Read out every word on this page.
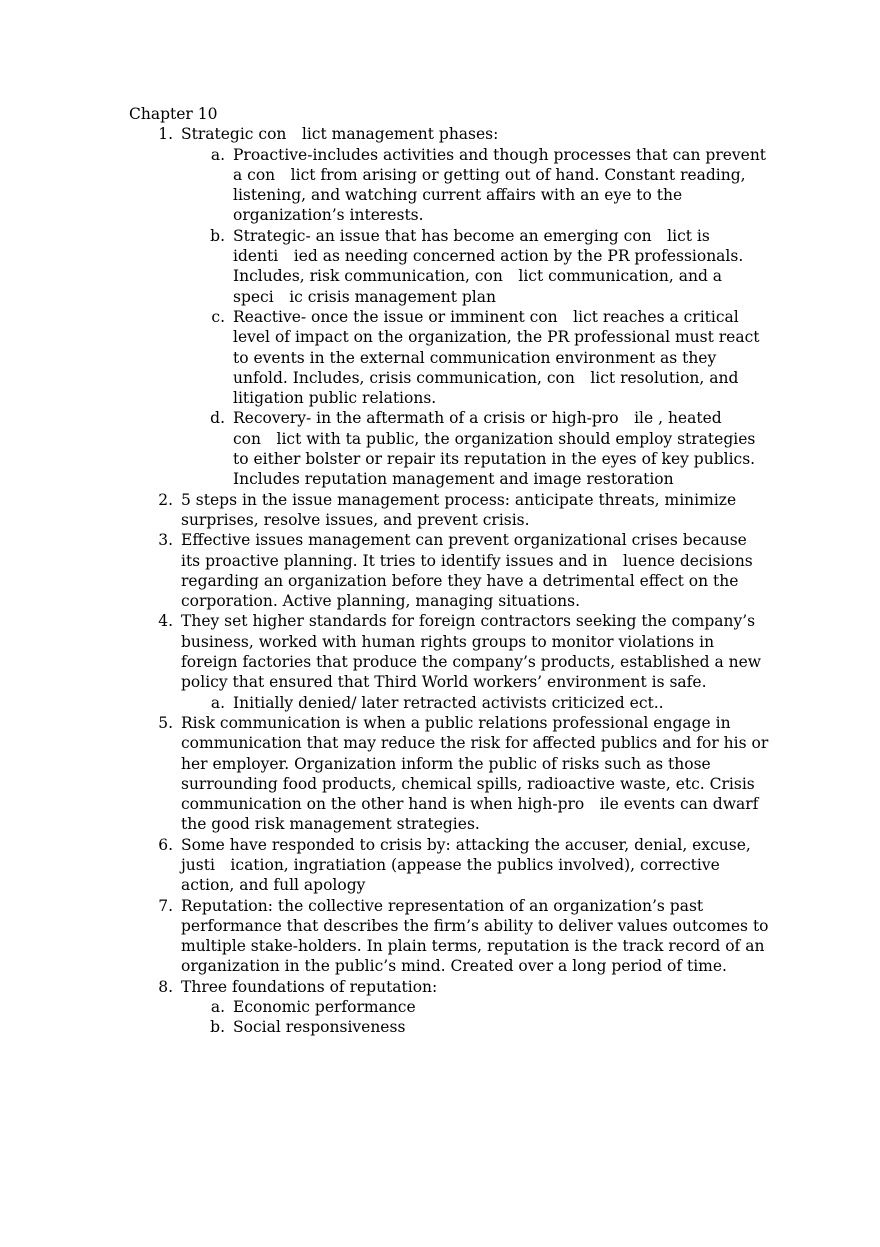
Chapter 10
1. Strategic con lict management phases:
a. Proactive-includes activities and though processes that can prevent a con lict from arising or getting out of hand. Constant reading, listening, and watching current affairs with an eye to the organization’s interests.
b. Strategic- an issue that has become an emerging con lict is identi ied as needing concerned action by the PR professionals. Includes, risk communication, con lict communication, and a speci ic crisis management plan
c. Reactive- once the issue or imminent con lict reaches a critical level of impact on the organization, the PR professional must react to events in the external communication environment as they unfold. Includes, crisis communication, con lict resolution, and litigation public relations.
d. Recovery- in the aftermath of a crisis or high-pro ile , heated con lict with ta public, the organization should employ strategies to either bolster or repair its reputation in the eyes of key publics. Includes reputation management and image restoration
2. 5 steps in the issue management process: anticipate threats, minimize surprises, resolve issues, and prevent crisis.
3. Effective issues management can prevent organizational crises because its proactive planning. It tries to identify issues and in luence decisions regarding an organization before they have a detrimental effect on the corporation. Active planning, managing situations.
4. They set higher standards for foreign contractors seeking the company’s business, worked with human rights groups to monitor violations in foreign factories that produce the company’s products, established a new policy that ensured that Third World workers’ environment is safe.
a. Initially denied/ later retracted activists criticized ect..
5. Risk communication is when a public relations professional engage in communication that may reduce the risk for affected publics and for his or her employer. Organization inform the public of risks such as those surrounding food products, chemical spills, radioactive waste, etc. Crisis communication on the other hand is when high-pro ile events can dwarf the good risk management strategies.
6. Some have responded to crisis by: attacking the accuser, denial, excuse, justi ication, ingratiation (appease the publics involved), corrective action, and full apology
7. Reputation: the collective representation of an organization’s past performance that describes the firm’s ability to deliver values outcomes to multiple stake-holders. In plain terms, reputation is the track record of an organization in the public’s mind. Created over a long period of time.
8. Three foundations of reputation:
a. Economic performance
b. Social responsiveness
